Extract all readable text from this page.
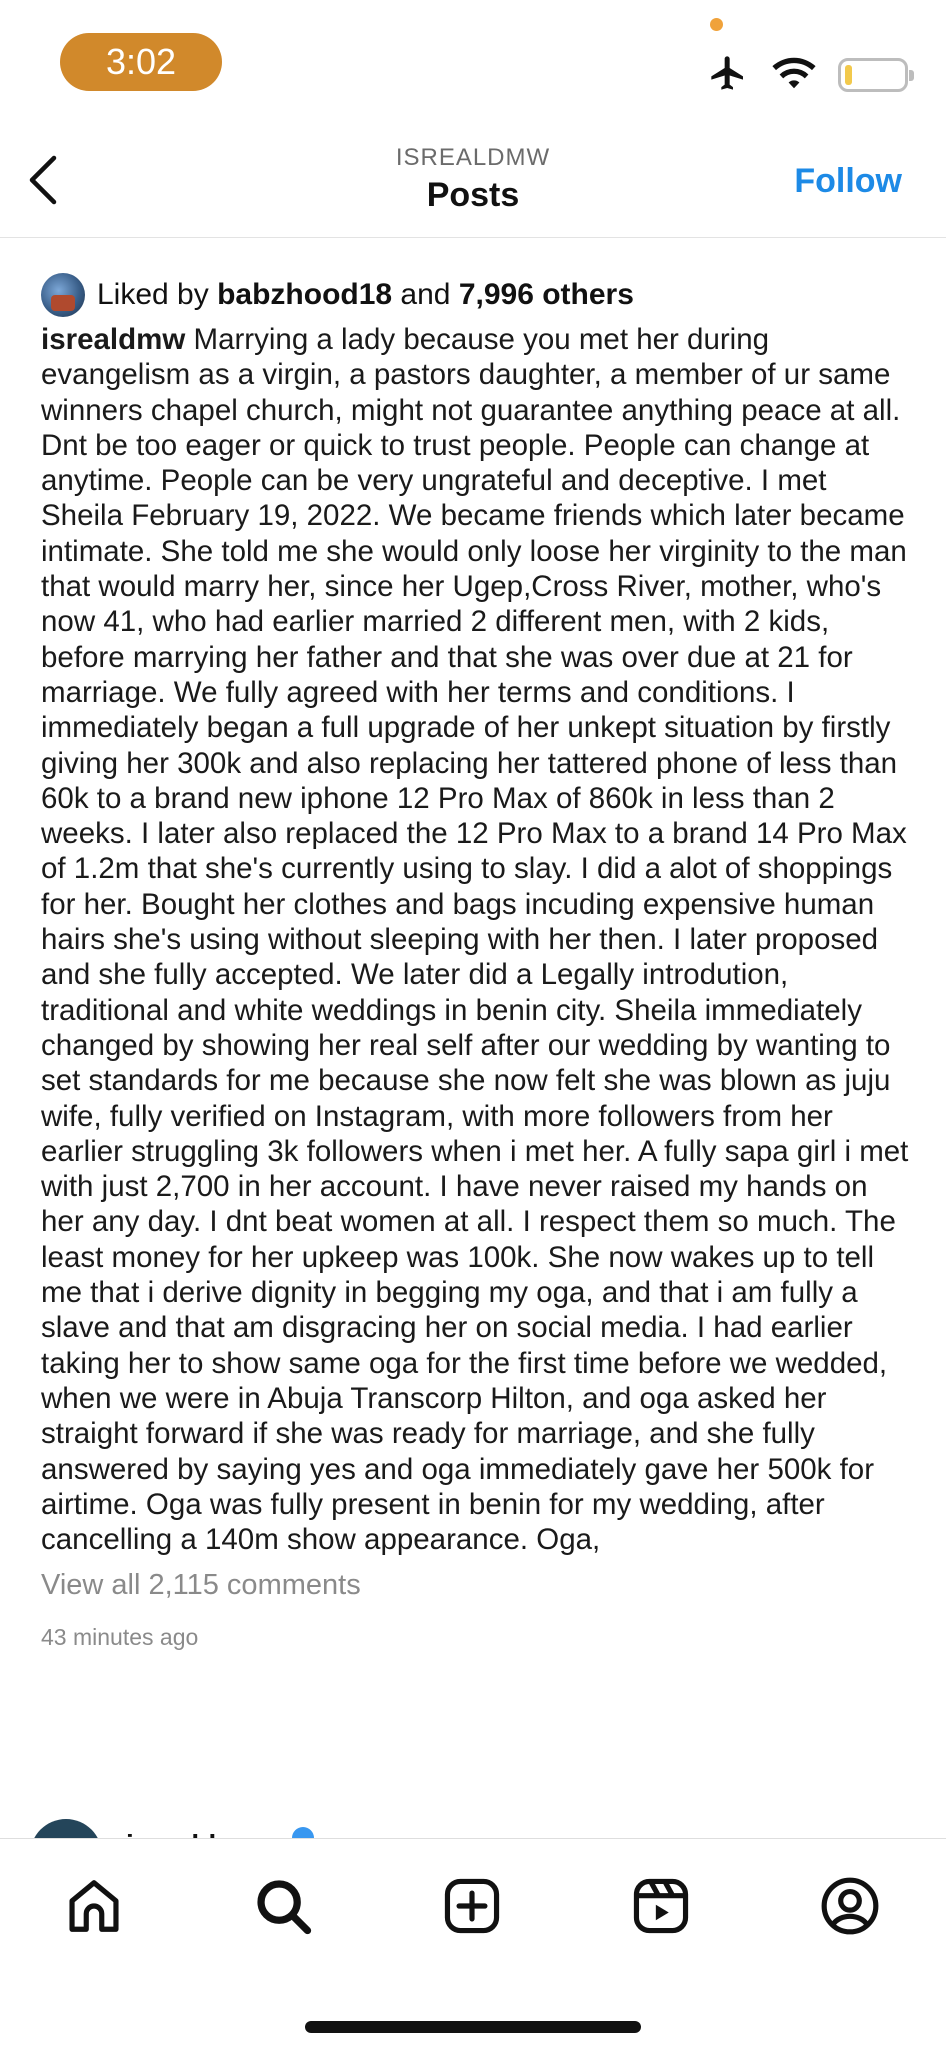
3:02
ISREALDMW
Posts	Follow
Liked by babzhood18 and 7,996 others
isrealdmw Marrying a lady because you met her during evangelism as a virgin, a pastors daughter, a member of ur same winners chapel church, might not guarantee anything peace at all. Dnt be too eager or quick to trust people. People can change at anytime. People can be very ungrateful and deceptive. I met Sheila February 19, 2022. We became friends which later became intimate. She told me she would only loose her virginity to the man that would marry her, since her Ugep,Cross River, mother, who's now 41, who had earlier married 2 different men, with 2 kids, before marrying her father and that she was over due at 21 for marriage. We fully agreed with her terms and conditions. I immediately began a full upgrade of her unkept situation by firstly giving her 300k and also replacing her tattered phone of less than 60k to a brand new iphone 12 Pro Max of 860k in less than 2 weeks. I later also replaced the 12 Pro Max to a brand 14 Pro Max of 1.2m that she's currently using to slay. I did a alot of shoppings for her. Bought her clothes and bags incuding expensive human hairs she's using without sleeping with her then. I later proposed and she fully accepted. We later did a Legally introdution, traditional and white weddings in benin city. Sheila immediately changed by showing her real self after our wedding by wanting to set standards for me because she now felt she was blown as juju wife, fully verified on Instagram, with more followers from her earlier struggling 3k followers when i met her. A fully sapa girl i met with just 2,700 in her account. I have never raised my hands on her any day. I dnt beat women at all. I respect them so much. The least money for her upkeep was 100k. She now wakes up to tell me that i derive dignity in begging my oga, and that i am fully a slave and that am disgracing her on social media. I had earlier taking her to show same oga for the first time before we wedded, when we were in Abuja Transcorp Hilton, and oga asked her straight forward if she was ready for marriage, and she fully answered by saying yes and oga immediately gave her 500k for airtime. Oga was fully present in benin for my wedding, after cancelling a 140m show appearance. Oga,
View all 2,115 comments
43 minutes ago
